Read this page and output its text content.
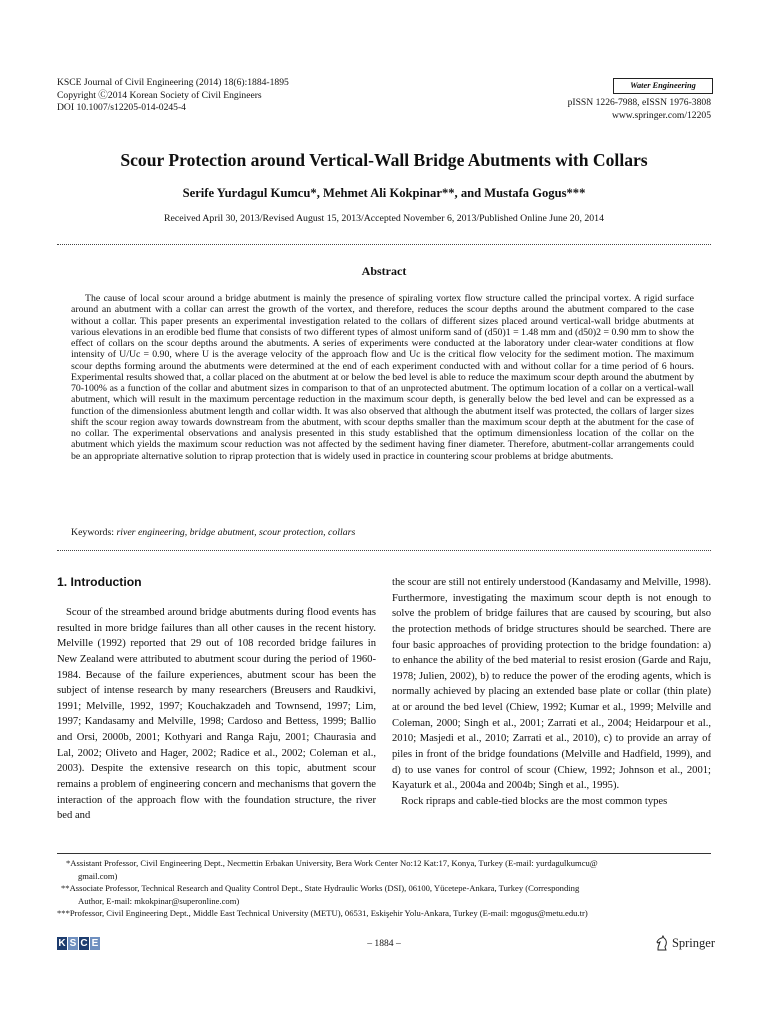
KSCE Journal of Civil Engineering (2014) 18(6):1884-1895
Copyright Ⓒ2014 Korean Society of Civil Engineers
DOI 10.1007/s12205-014-0245-4
Water Engineering
pISSN 1226-7988, eISSN 1976-3808
www.springer.com/12205
Scour Protection around Vertical-Wall Bridge Abutments with Collars
Serife Yurdagul Kumcu*, Mehmet Ali Kokpinar**, and Mustafa Gogus***
Received April 30, 2013/Revised August 15, 2013/Accepted November 6, 2013/Published Online June 20, 2014
Abstract

The cause of local scour around a bridge abutment is mainly the presence of spiraling vortex flow structure called the principal vortex. A rigid surface around an abutment with a collar can arrest the growth of the vortex, and therefore, reduces the scour depths around the abutment compared to the case without a collar. This paper presents an experimental investigation related to the collars of different sizes placed around vertical-wall bridge abutments at various elevations in an erodible bed flume that consists of two different types of almost uniform sand of (d50)1 = 1.48 mm and (d50)2 = 0.90 mm to show the effect of collars on the scour depths around the abutments. A series of experiments were conducted at the laboratory under clear-water conditions at flow intensity of U/Uc = 0.90, where U is the average velocity of the approach flow and Uc is the critical flow velocity for the sediment motion. The maximum scour depths forming around the abutments were determined at the end of each experiment conducted with and without collar for a time period of 6 hours. Experimental results showed that, a collar placed on the abutment at or below the bed level is able to reduce the maximum scour depth around the abutment by 70-100% as a function of the collar and abutment sizes in comparison to that of an unprotected abutment. The optimum location of a collar on a vertical-wall abutment, which will result in the maximum percentage reduction in the maximum scour depth, is generally below the bed level and can be expressed as a function of the dimensionless abutment length and collar width. It was also observed that although the abutment itself was protected, the collars of larger sizes shift the scour region away towards downstream from the abutment, with scour depths smaller than the maximum scour depth at the abutment for the case of no collar. The experimental observations and analysis presented in this study established that the optimum dimensionless location of the collar on the abutment which yields the maximum scour reduction was not affected by the sediment having finer diameter. Therefore, abutment-collar arrangements could be an appropriate alternative solution to riprap protection that is widely used in practice in countering scour problems at bridge abutments.

Keywords: river engineering, bridge abutment, scour protection, collars
1. Introduction

Scour of the streambed around bridge abutments during flood events has resulted in more bridge failures than all other causes in the recent history. Melville (1992) reported that 29 out of 108 recorded bridge failures in New Zealand were attributed to abutment scour during the period of 1960-1984. Because of the failure experiences, abutment scour has been the subject of intense research by many researchers (Breusers and Raudkivi, 1991; Melville, 1992, 1997; Kouchakzadeh and Townsend, 1997; Lim, 1997; Kandasamy and Melville, 1998; Cardoso and Bettess, 1999; Ballio and Orsi, 2000b, 2001; Kothyari and Ranga Raju, 2001; Chaurasia and Lal, 2002; Oliveto and Hager, 2002; Radice et al., 2002; Coleman et al., 2003). Despite the extensive research on this topic, abutment scour remains a problem of engineering concern and mechanisms that govern the interaction of the approach flow with the foundation structure, the river bed and

the scour are still not entirely understood (Kandasamy and Melville, 1998). Furthermore, investigating the maximum scour depth is not enough to solve the problem of bridge failures that are caused by scouring, but also the protection methods of bridge structures should be searched. There are four basic approaches of providing protection to the bridge foundation: a) to enhance the ability of the bed material to resist erosion (Garde and Raju, 1978; Julien, 2002), b) to reduce the power of the eroding agents, which is normally achieved by placing an extended base plate or collar (thin plate) at or around the bed level (Chiew, 1992; Kumar et al., 1999; Melville and Coleman, 2000; Singh et al., 2001; Zarrati et al., 2004; Heidarpour et al., 2010; Masjedi et al., 2010; Zarrati et al., 2010), c) to provide an array of piles in front of the bridge foundations (Melville and Hadfield, 1999), and d) to use vanes for control of scour (Chiew, 1992; Johnson et al., 2001; Kayaturk et al., 2004a and 2004b; Singh et al., 1995).

Rock ripraps and cable-tied blocks are the most common types

*Assistant Professor, Civil Engineering Dept., Necmettin Erbakan University, Bera Work Center No:12 Kat:17, Konya, Turkey (E-mail: yurdagulkumcu@
gmail.com)
**Associate Professor, Technical Research and Quality Control Dept., State Hydraulic Works (DSI), 06100, Yücetepe-Ankara, Turkey (Corresponding
Author, E-mail: mkokpinar@superonline.com)
***Professor, Civil Engineering Dept., Middle East Technical University (METU), 06531, Eskişehir Yolu-Ankara, Turkey (E-mail: mgogus@metu.edu.tr)
K S C E	– 1884 –	Springer
